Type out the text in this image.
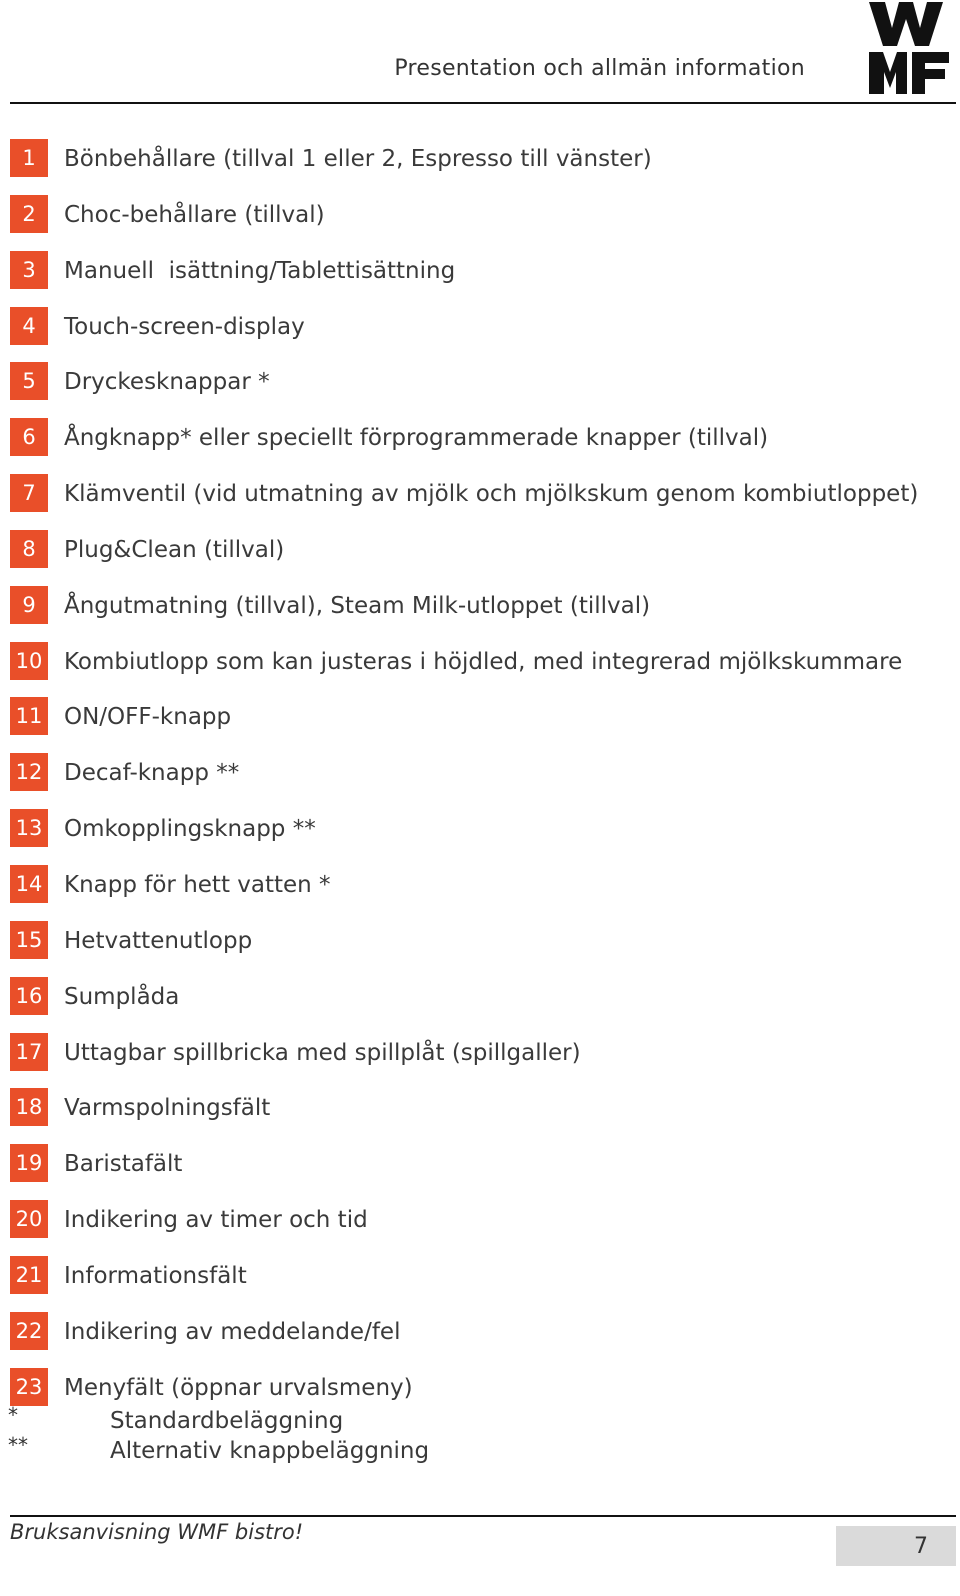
Presentation och allmän information
1	Bönbehållare (tillval 1 eller 2, Espresso till vänster)
2	Choc-behållare (tillval)
3	Manuell  isättning/Tablettisättning
4	Touch-screen-display
5	Dryckesknappar *
6	Ångknapp* eller speciellt förprogrammerade knapper (tillval)
7	Klämventil (vid utmatning av mjölk och mjölkskum genom kombiutloppet)
8	Plug&Clean (tillval)
9	Ångutmatning (tillval), Steam Milk-utloppet (tillval)
10 Kombiutlopp som kan justeras i höjdled, med integrerad mjölkskummare
11 ON/OFF-knapp
12 Decaf-knapp **
13 Omkopplingsknapp **
14 Knapp för hett vatten *
15 Hetvattenutlopp
16 Sumplåda
17 Uttagbar spillbricka med spillplåt (spillgaller)
18 Varmspolningsfält
19 Baristafält
20 Indikering av timer och tid
21 Informationsfält
22 Indikering av meddelande/fel
23 Menyfält (öppnar urvalsmeny)
*	Standardbeläggning
**	Alternativ knappbeläggning
Bruksanvisning WMF bistro!
7
